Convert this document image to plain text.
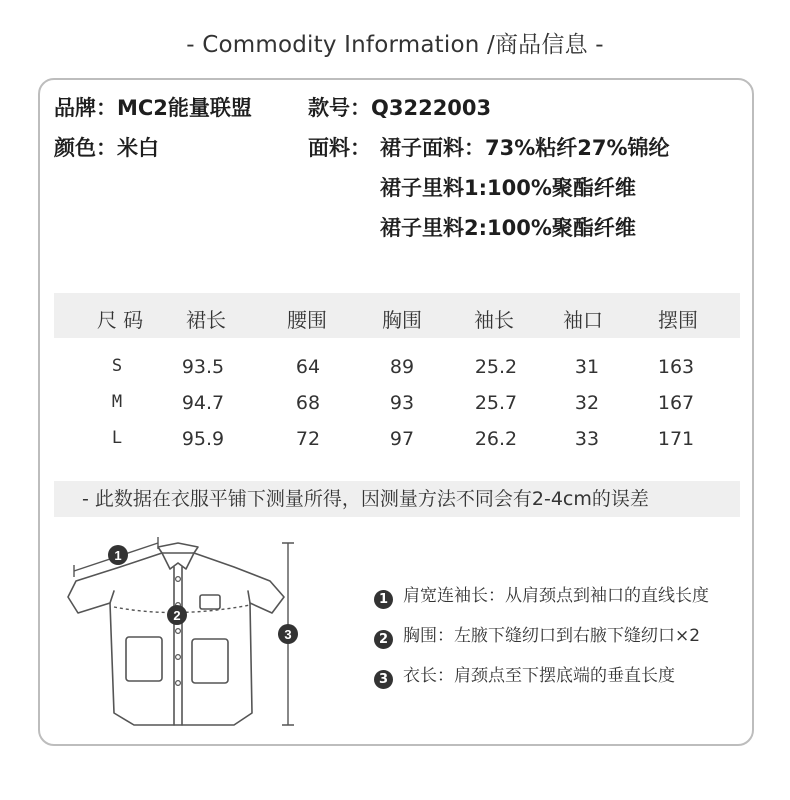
- Commodity Information /商品信息 -
品牌：MC2能量联盟	款号：Q3222003
颜色：米白	面料： 裙子面料：73%粘纤27%锦纶
裙子里料1:100%聚酯纤维
裙子里料2:100%聚酯纤维
尺 码	裙长	腰围	胸围	袖长	袖口	摆围
S	93.5	64	89	25.2	31	163
M	94.7	68	93	25.7	32	167
L	95.9	72	97	26.2	33	171
- 此数据在衣服平铺下测量所得，因测量方法不同会有2-4cm的误差
1
2
3
1 肩宽连袖长：从肩颈点到袖口的直线长度
2 胸围：左腋下缝纫口到右腋下缝纫口×2
3 衣长：肩颈点至下摆底端的垂直长度
